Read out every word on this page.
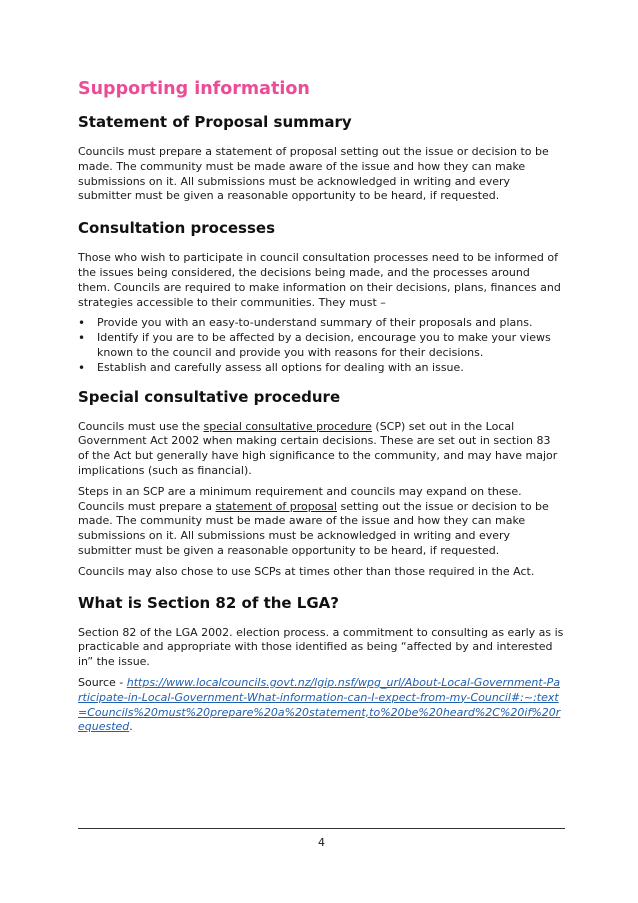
Supporting information
Statement of Proposal summary

Councils must prepare a statement of proposal setting out the issue or decision to be made. The community must be made aware of the issue and how they can make submissions on it. All submissions must be acknowledged in writing and every submitter must be given a reasonable opportunity to be heard, if requested.

Consultation processes

Those who wish to participate in council consultation processes need to be informed of the issues being considered, the decisions being made, and the processes around them. Councils are required to make information on their decisions, plans, finances and strategies accessible to their communities. They must –

• Provide you with an easy-to-understand summary of their proposals and plans.
• Identify if you are to be affected by a decision, encourage you to make your views known to the council and provide you with reasons for their decisions.
• Establish and carefully assess all options for dealing with an issue.
Special consultative procedure

Councils must use the special consultative procedure (SCP) set out in the Local Government Act 2002 when making certain decisions. These are set out in section 83 of the Act but generally have high significance to the community, and may have major implications (such as financial).

Steps in an SCP are a minimum requirement and councils may expand on these. Councils must prepare a statement of proposal setting out the issue or decision to be made. The community must be made aware of the issue and how they can make submissions on it. All submissions must be acknowledged in writing and every submitter must be given a reasonable opportunity to be heard, if requested.

Councils may also chose to use SCPs at times other than those required in the Act.

What is Section 82 of the LGA?

Section 82 of the LGA 2002. election process. a commitment to consulting as early as is practicable and appropriate with those identified as being “affected by and interested in” the issue.

Source - https://www.localcouncils.govt.nz/lgip.nsf/wpg_url/About-Local-Government-Participate-in-Local-Government-What-information-can-I-expect-from-my-Council#:~:text=Councils%20must%20prepare%20a%20statement,to%20be%20heard%2C%20if%20requested.

4
